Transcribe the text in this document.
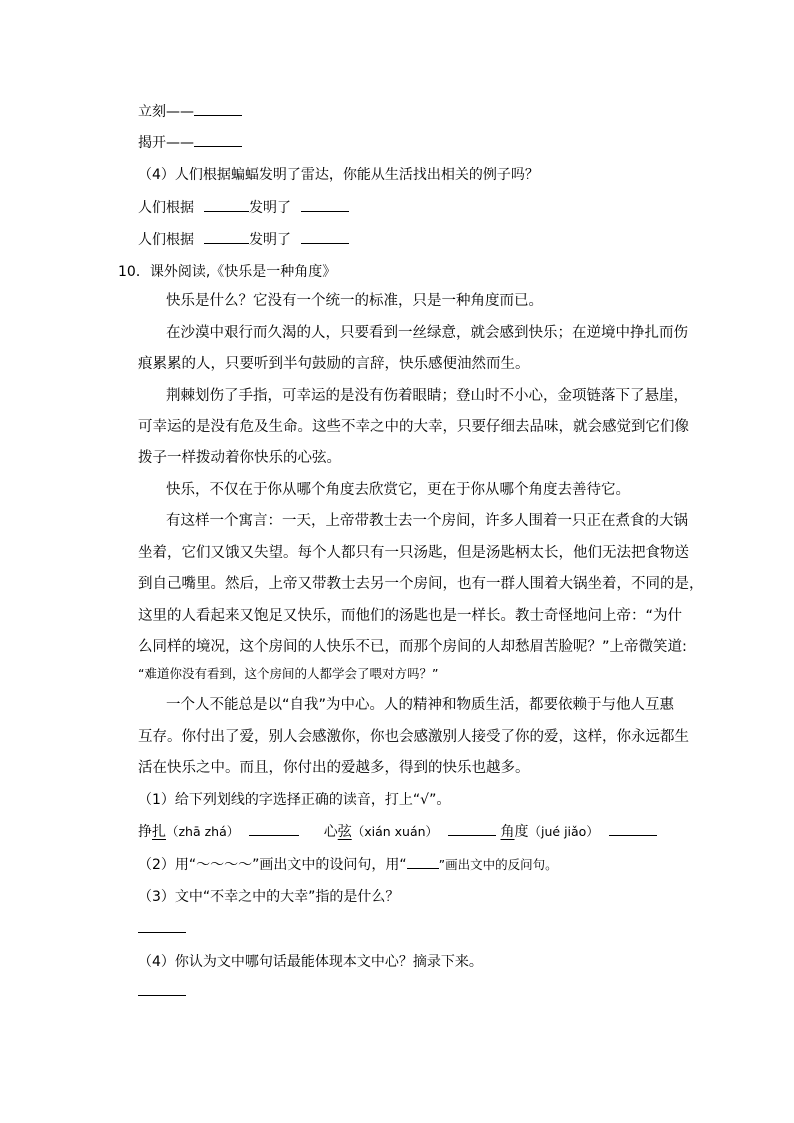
立刻——
揭开——
（4）人们根据蝙蝠发明了雷达，你能从生活找出相关的例子吗？
人们根据	发明了
人们根据	发明了
10．课外阅读,《快乐是一种角度》
快乐是什么？它没有一个统一的标准，只是一种角度而已。
在沙漠中艰行而久渴的人，只要看到一丝绿意，就会感到快乐；在逆境中挣扎而伤
痕累累的人，只要听到半句鼓励的言辞，快乐感便油然而生。
荆棘划伤了手指，可幸运的是没有伤着眼睛；登山时不小心，金项链落下了悬崖，
可幸运的是没有危及生命。这些不幸之中的大幸，只要仔细去品味，就会感觉到它们像
拨子一样拨动着你快乐的心弦。
快乐，不仅在于你从哪个角度去欣赏它，更在于你从哪个角度去善待它。
有这样一个寓言：一天，上帝带教士去一个房间，许多人围着一只正在煮食的大锅
坐着，它们又饿又失望。每个人都只有一只汤匙，但是汤匙柄太长，他们无法把食物送
到自己嘴里。然后，上帝又带教士去另一个房间，也有一群人围着大锅坐着，不同的是，
这里的人看起来又饱足又快乐，而他们的汤匙也是一样长。教士奇怪地问上帝：“为什
么同样的境况，这个房间的人快乐不已，而那个房间的人却愁眉苦脸呢？”上帝微笑道:
“难道你没有看到，这个房间的人都学会了喂对方吗？”
一个人不能总是以“自我”为中心。人的精神和物质生活，都要依赖于与他人互惠
互存。你付出了爱，别人会感激你，你也会感激别人接受了你的爱，这样，你永远都生
活在快乐之中。而且，你付出的爱越多，得到的快乐也越多。
（1）给下列划线的字选择正确的读音，打上“√”。
挣扎（zhā zhá）	心弦（xián xuán）	角度（jué jiǎo）
（2）用“～～～～”画出文中的设问句，用“	”画出文中的反问句。
（3）文中“不幸之中的大幸”指的是什么？
（4）你认为文中哪句话最能体现本文中心？摘录下来。
